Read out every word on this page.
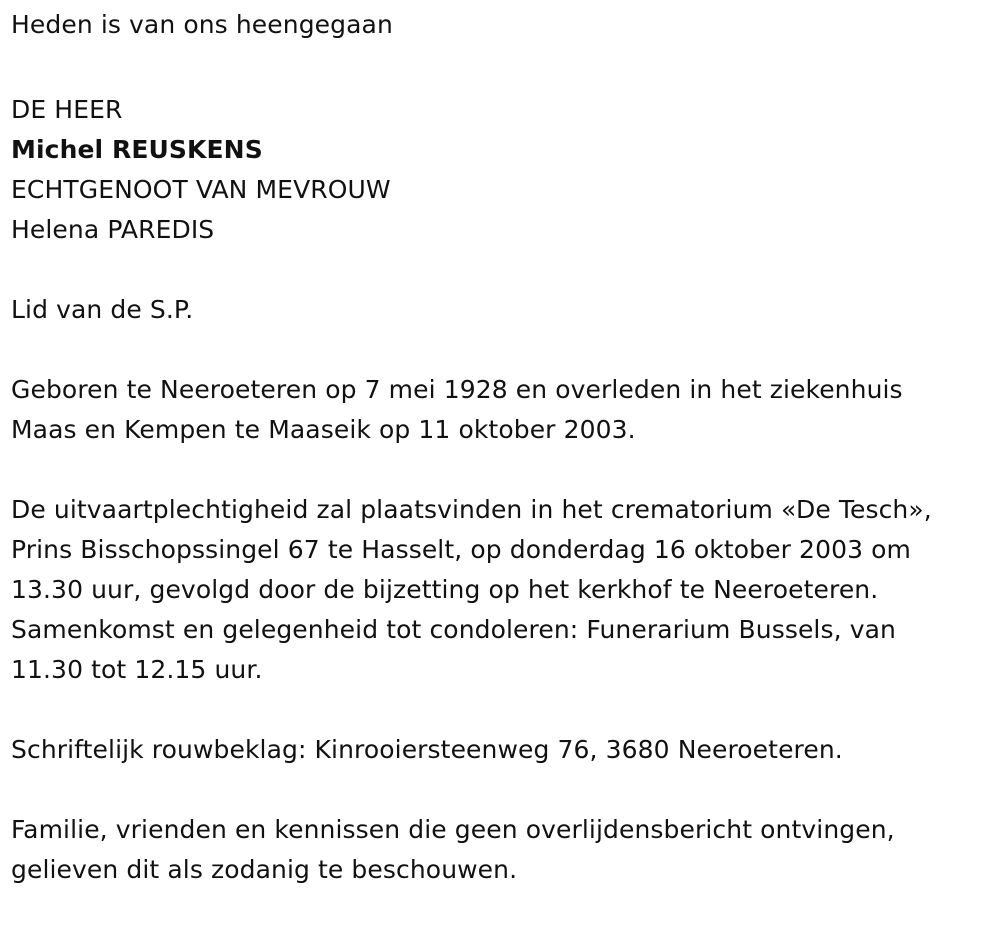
Heden is van ons heengegaan
DE HEER
Michel REUSKENS
ECHTGENOOT VAN MEVROUW
Helena PAREDIS
Lid van de S.P.
Geboren te Neeroeteren op 7 mei 1928 en overleden in het ziekenhuis
Maas en Kempen te Maaseik op 11 oktober 2003.
De uitvaartplechtigheid zal plaatsvinden in het crematorium «De Tesch»,
Prins Bisschopssingel 67 te Hasselt, op donderdag 16 oktober 2003 om
13.30 uur, gevolgd door de bijzetting op het kerkhof te Neeroeteren.
Samenkomst en gelegenheid tot condoleren: Funerarium Bussels, van
11.30 tot 12.15 uur.
Schriftelijk rouwbeklag: Kinrooiersteenweg 76, 3680 Neeroeteren.
Familie, vrienden en kennissen die geen overlijdensbericht ontvingen,
gelieven dit als zodanig te beschouwen.
